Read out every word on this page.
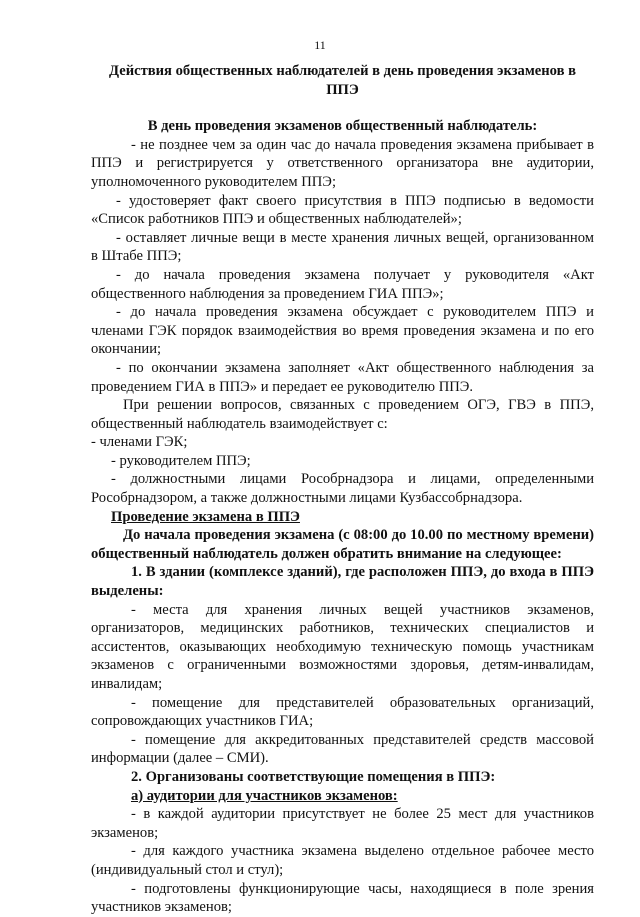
11
Действия общественных наблюдателей в день проведения экзаменов в ППЭ

В день проведения экзаменов общественный наблюдатель:

- не позднее чем за один час до начала проведения экзамена прибывает в ППЭ и регистрируется у ответственного организатора вне аудитории, уполномоченного руководителем ППЭ;

- удостоверяет факт своего присутствия в ППЭ подписью в ведомости «Список работников ППЭ и общественных наблюдателей»;

- оставляет личные вещи в месте хранения личных вещей, организованном в Штабе ППЭ;

- до начала проведения экзамена получает у руководителя «Акт общественного наблюдения за проведением ГИА ППЭ»;

- до начала проведения экзамена обсуждает с руководителем ППЭ и членами ГЭК порядок взаимодействия во время проведения экзамена и по его окончании;

- по окончании экзамена заполняет «Акт общественного наблюдения за проведением ГИА в ППЭ» и передает ее руководителю ППЭ.

При решении вопросов, связанных с проведением ОГЭ, ГВЭ в ППЭ, общественный наблюдатель взаимодействует с:

- членами ГЭК;

- руководителем ППЭ;

- должностными лицами Рособрнадзора и лицами, определенными Рособрнадзором, а также должностными лицами Кузбассобрнадзора.

Проведение экзамена в ППЭ

До начала проведения экзамена (с 08:00 до 10.00 по местному времени) общественный наблюдатель должен обратить внимание на следующее:

1. В здании (комплексе зданий), где расположен ППЭ, до входа в ППЭ выделены:

- места для хранения личных вещей участников экзаменов, организаторов, медицинских работников, технических специалистов и ассистентов, оказывающих необходимую техническую помощь участникам экзаменов с ограниченными возможностями здоровья, детям-инвалидам, инвалидам;

- помещение для представителей образовательных организаций, сопровождающих участников ГИА;

- помещение для аккредитованных представителей средств массовой информации (далее – СМИ).

2. Организованы соответствующие помещения в ППЭ:

а) аудитории для участников экзаменов:

- в каждой аудитории присутствует не более 25 мест для участников экзаменов;

- для каждого участника экзамена выделено отдельное рабочее место (индивидуальный стол и стул);

- подготовлены функционирующие часы, находящиеся в поле зрения участников экзаменов;
